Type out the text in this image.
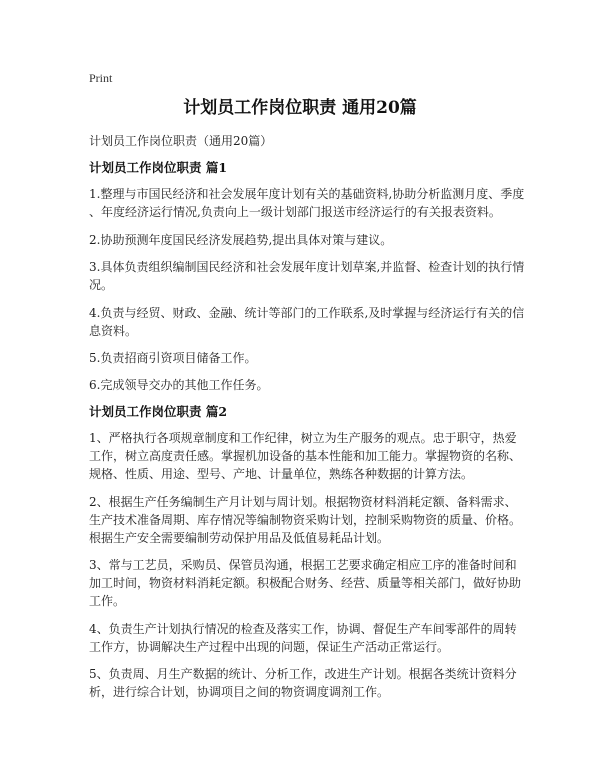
Print
计划员工作岗位职责 通用20篇
计划员工作岗位职责（通用20篇）
计划员工作岗位职责 篇1
1.整理与市国民经济和社会发展年度计划有关的基础资料,协助分析监测月度、季度
、年度经济运行情况,负责向上一级计划部门报送市经济运行的有关报表资料。
2.协助预测年度国民经济发展趋势,提出具体对策与建议。
3.具体负责组织编制国民经济和社会发展年度计划草案,并监督、检查计划的执行情
况。
4.负责与经贸、财政、金融、统计等部门的工作联系,及时掌握与经济运行有关的信
息资料。
5.负责招商引资项目储备工作。
6.完成领导交办的其他工作任务。
计划员工作岗位职责 篇2
1、严格执行各项规章制度和工作纪律，树立为生产服务的观点。忠于职守，热爱
工作，树立高度责任感。掌握机加设备的基本性能和加工能力。掌握物资的名称、
规格、性质、用途、型号、产地、计量单位，熟练各种数据的计算方法。
2、根据生产任务编制生产月计划与周计划。根据物资材料消耗定额、备料需求、
生产技术准备周期、库存情况等编制物资采购计划，控制采购物资的质量、价格。
根据生产安全需要编制劳动保护用品及低值易耗品计划。
3、常与工艺员，采购员、保管员沟通，根据工艺要求确定相应工序的准备时间和
加工时间，物资材料消耗定额。积极配合财务、经营、质量等相关部门，做好协助
工作。
4、负责生产计划执行情况的检查及落实工作，协调、督促生产车间零部件的周转
工作方，协调解决生产过程中出现的问题，保证生产活动正常运行。
5、负责周、月生产数据的统计、分析工作，改进生产计划。根据各类统计资料分
析，进行综合计划，协调项目之间的物资调度调剂工作。
